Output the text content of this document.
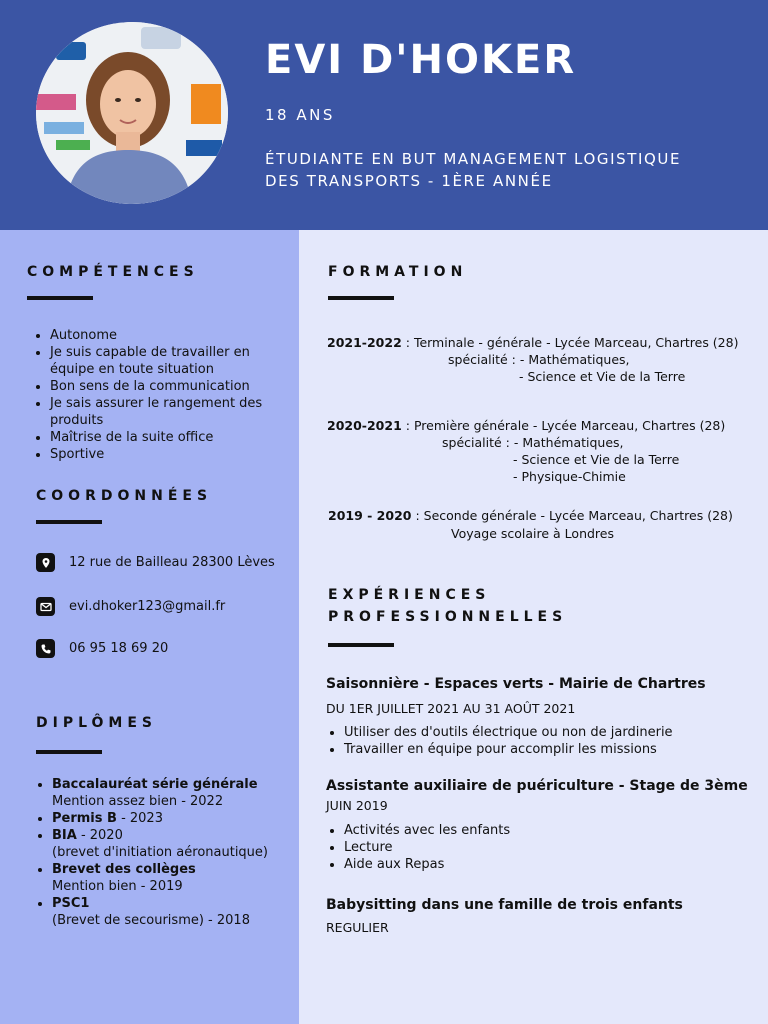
EVI D'HOKER
18 ANS
ÉTUDIANTE EN BUT MANAGEMENT LOGISTIQUE
DES TRANSPORTS - 1ÈRE ANNÉE
COMPÉTENCES
• Autonome
• Je suis capable de travailler en équipe en toute situation
• Bon sens de la communication
• Je sais assurer le rangement des produits
• Maîtrise de la suite office
• Sportive
COORDONNÉES
12 rue de Bailleau 28300 Lèves
evi.dhoker123@gmail.fr
06 95 18 69 20
DIPLÔMES
• Baccalauréat série générale
Mention assez bien - 2022
• Permis B - 2023
• BIA - 2020
(brevet d'initiation aéronautique)
• Brevet des collèges
Mention bien - 2019
• PSC1
(Brevet de secourisme) - 2018
FORMATION
2021-2022 : Terminale - générale - Lycée Marceau, Chartres (28)
spécialité : - Mathématiques,
- Science et Vie de la Terre
2020-2021 : Première générale - Lycée Marceau, Chartres (28)
spécialité : - Mathématiques,
- Science et Vie de la Terre
- Physique-Chimie
2019 - 2020 : Seconde générale - Lycée Marceau, Chartres (28)
Voyage scolaire à Londres
EXPÉRIENCES
PROFESSIONNELLES
Saisonnière - Espaces verts - Mairie de Chartres
DU 1ER JUILLET 2021 AU 31 AOÛT 2021
• Utiliser des d'outils électrique ou non de jardinerie
• Travailler en équipe pour accomplir les missions
Assistante auxiliaire de puériculture - Stage de 3ème
JUIN 2019
• Activités avec les enfants
• Lecture
• Aide aux Repas
Babysitting dans une famille de trois enfants
REGULIER
